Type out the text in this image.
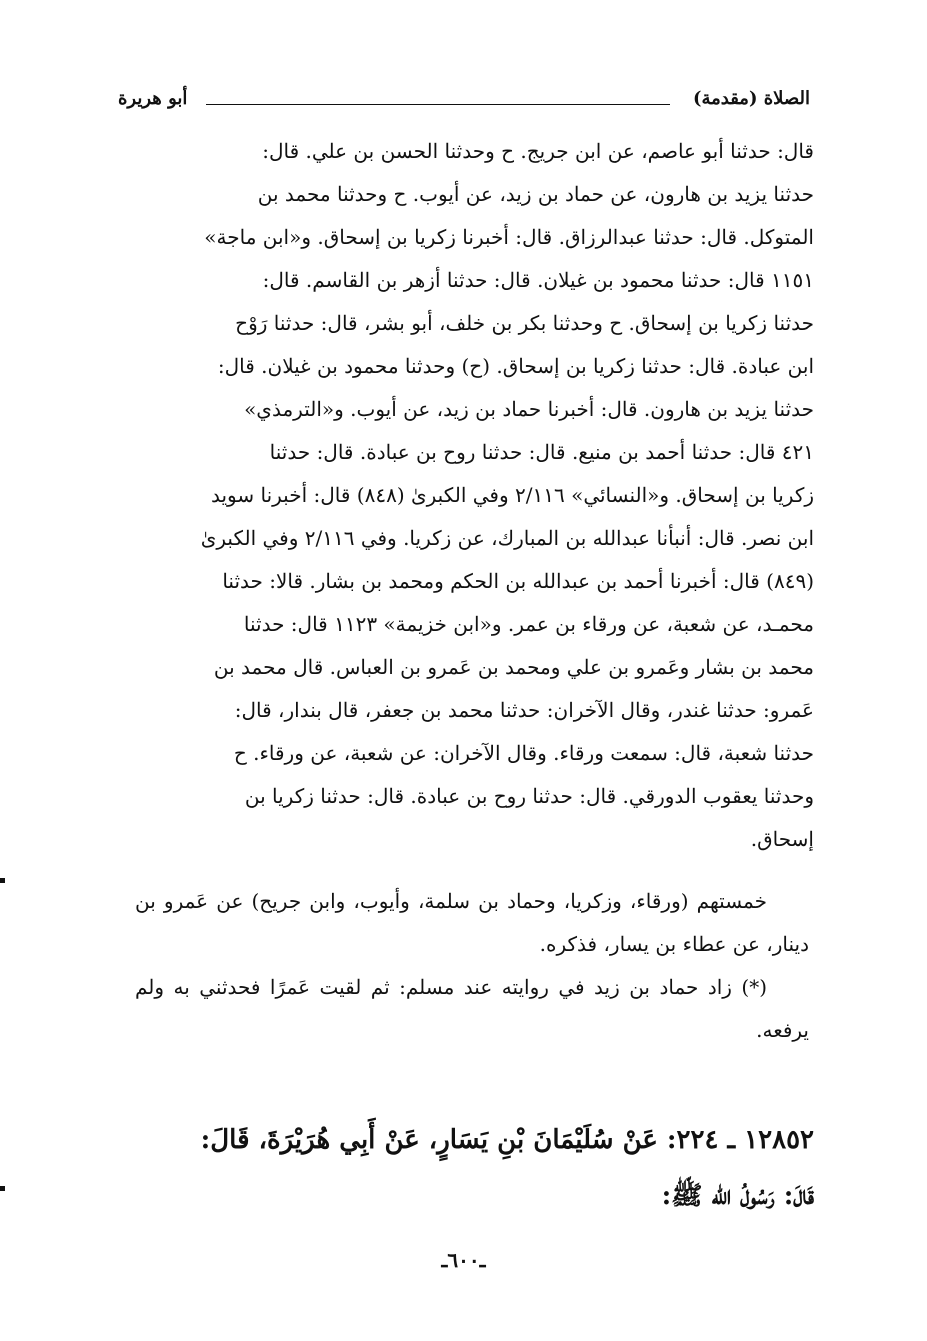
الصلاة (مقدمة)
أبو هريرة

قال: حدثنا أبو عاصم، عن ابن جريج. ح وحدثنا الحسن بن علي. قال:

حدثنا يزيد بن هارون، عن حماد بن زيد، عن أيوب. ح وحدثنا محمد بن

المتوكل. قال: حدثنا عبدالرزاق. قال: أخبرنا زكريا بن إسحاق. و«ابن ماجة»

١١٥١ قال: حدثنا محمود بن غيلان. قال: حدثنا أزهر بن القاسم. قال:

حدثنا زكريا بن إسحاق. ح وحدثنا بكر بن خلف، أبو بشر، قال: حدثنا رَوْح

ابن عبادة. قال: حدثنا زكريا بن إسحاق. (ح) وحدثنا محمود بن غيلان. قال:

حدثنا يزيد بن هارون. قال: أخبرنا حماد بن زيد، عن أيوب. و«الترمذي»

٤٢١ قال: حدثنا أحمد بن منيع. قال: حدثنا روح بن عبادة. قال: حدثنا

زكريا بن إسحاق. و«النسائي» ٢/١١٦ وفي الكبرىٰ (٨٤٨) قال: أخبرنا سويد

ابن نصر. قال: أنبأنا عبدالله بن المبارك، عن زكريا. وفي ٢/١١٦ وفي الكبرىٰ

(٨٤٩) قال: أخبرنا أحمد بن عبدالله بن الحكم ومحمد بن بشار. قالا: حدثنا

محمـد، عن شعبة، عن ورقاء بن عمر. و«ابن خزيمة» ١١٢٣ قال: حدثنا

محمد بن بشار وعَمرو بن علي ومحمد بن عَمرو بن العباس. قال محمد بن

عَمرو: حدثنا غندر، وقال الآخران: حدثنا محمد بن جعفر، قال بندار، قال:

حدثنا شعبة، قال: سمعت ورقاء. وقال الآخران: عن شعبة، عن ورقاء. ح

وحدثنا يعقوب الدورقي. قال: حدثنا روح بن عبادة. قال: حدثنا زكريا بن

إسحاق.

خمستهم (ورقاء، وزكريا، وحماد بن سلمة، وأيوب، وابن جريح) عن عَمرو بن دينار، عن عطاء بن يسار، فذكره.

(*) زاد حماد بن زيد في روايته عند مسلم: ثم لقيت عَمرًا فحدثني به ولم يرفعه.

١٢٨٥٢ ـ ٢٢٤: عَنْ سُلَيْمَانَ بْنِ يَسَارٍ، عَنْ أَبِي هُرَيْرَةَ، قَالَ:
قَالَ: رَسُولُ الله ﷺ:
ـ٦٠٠ـ
